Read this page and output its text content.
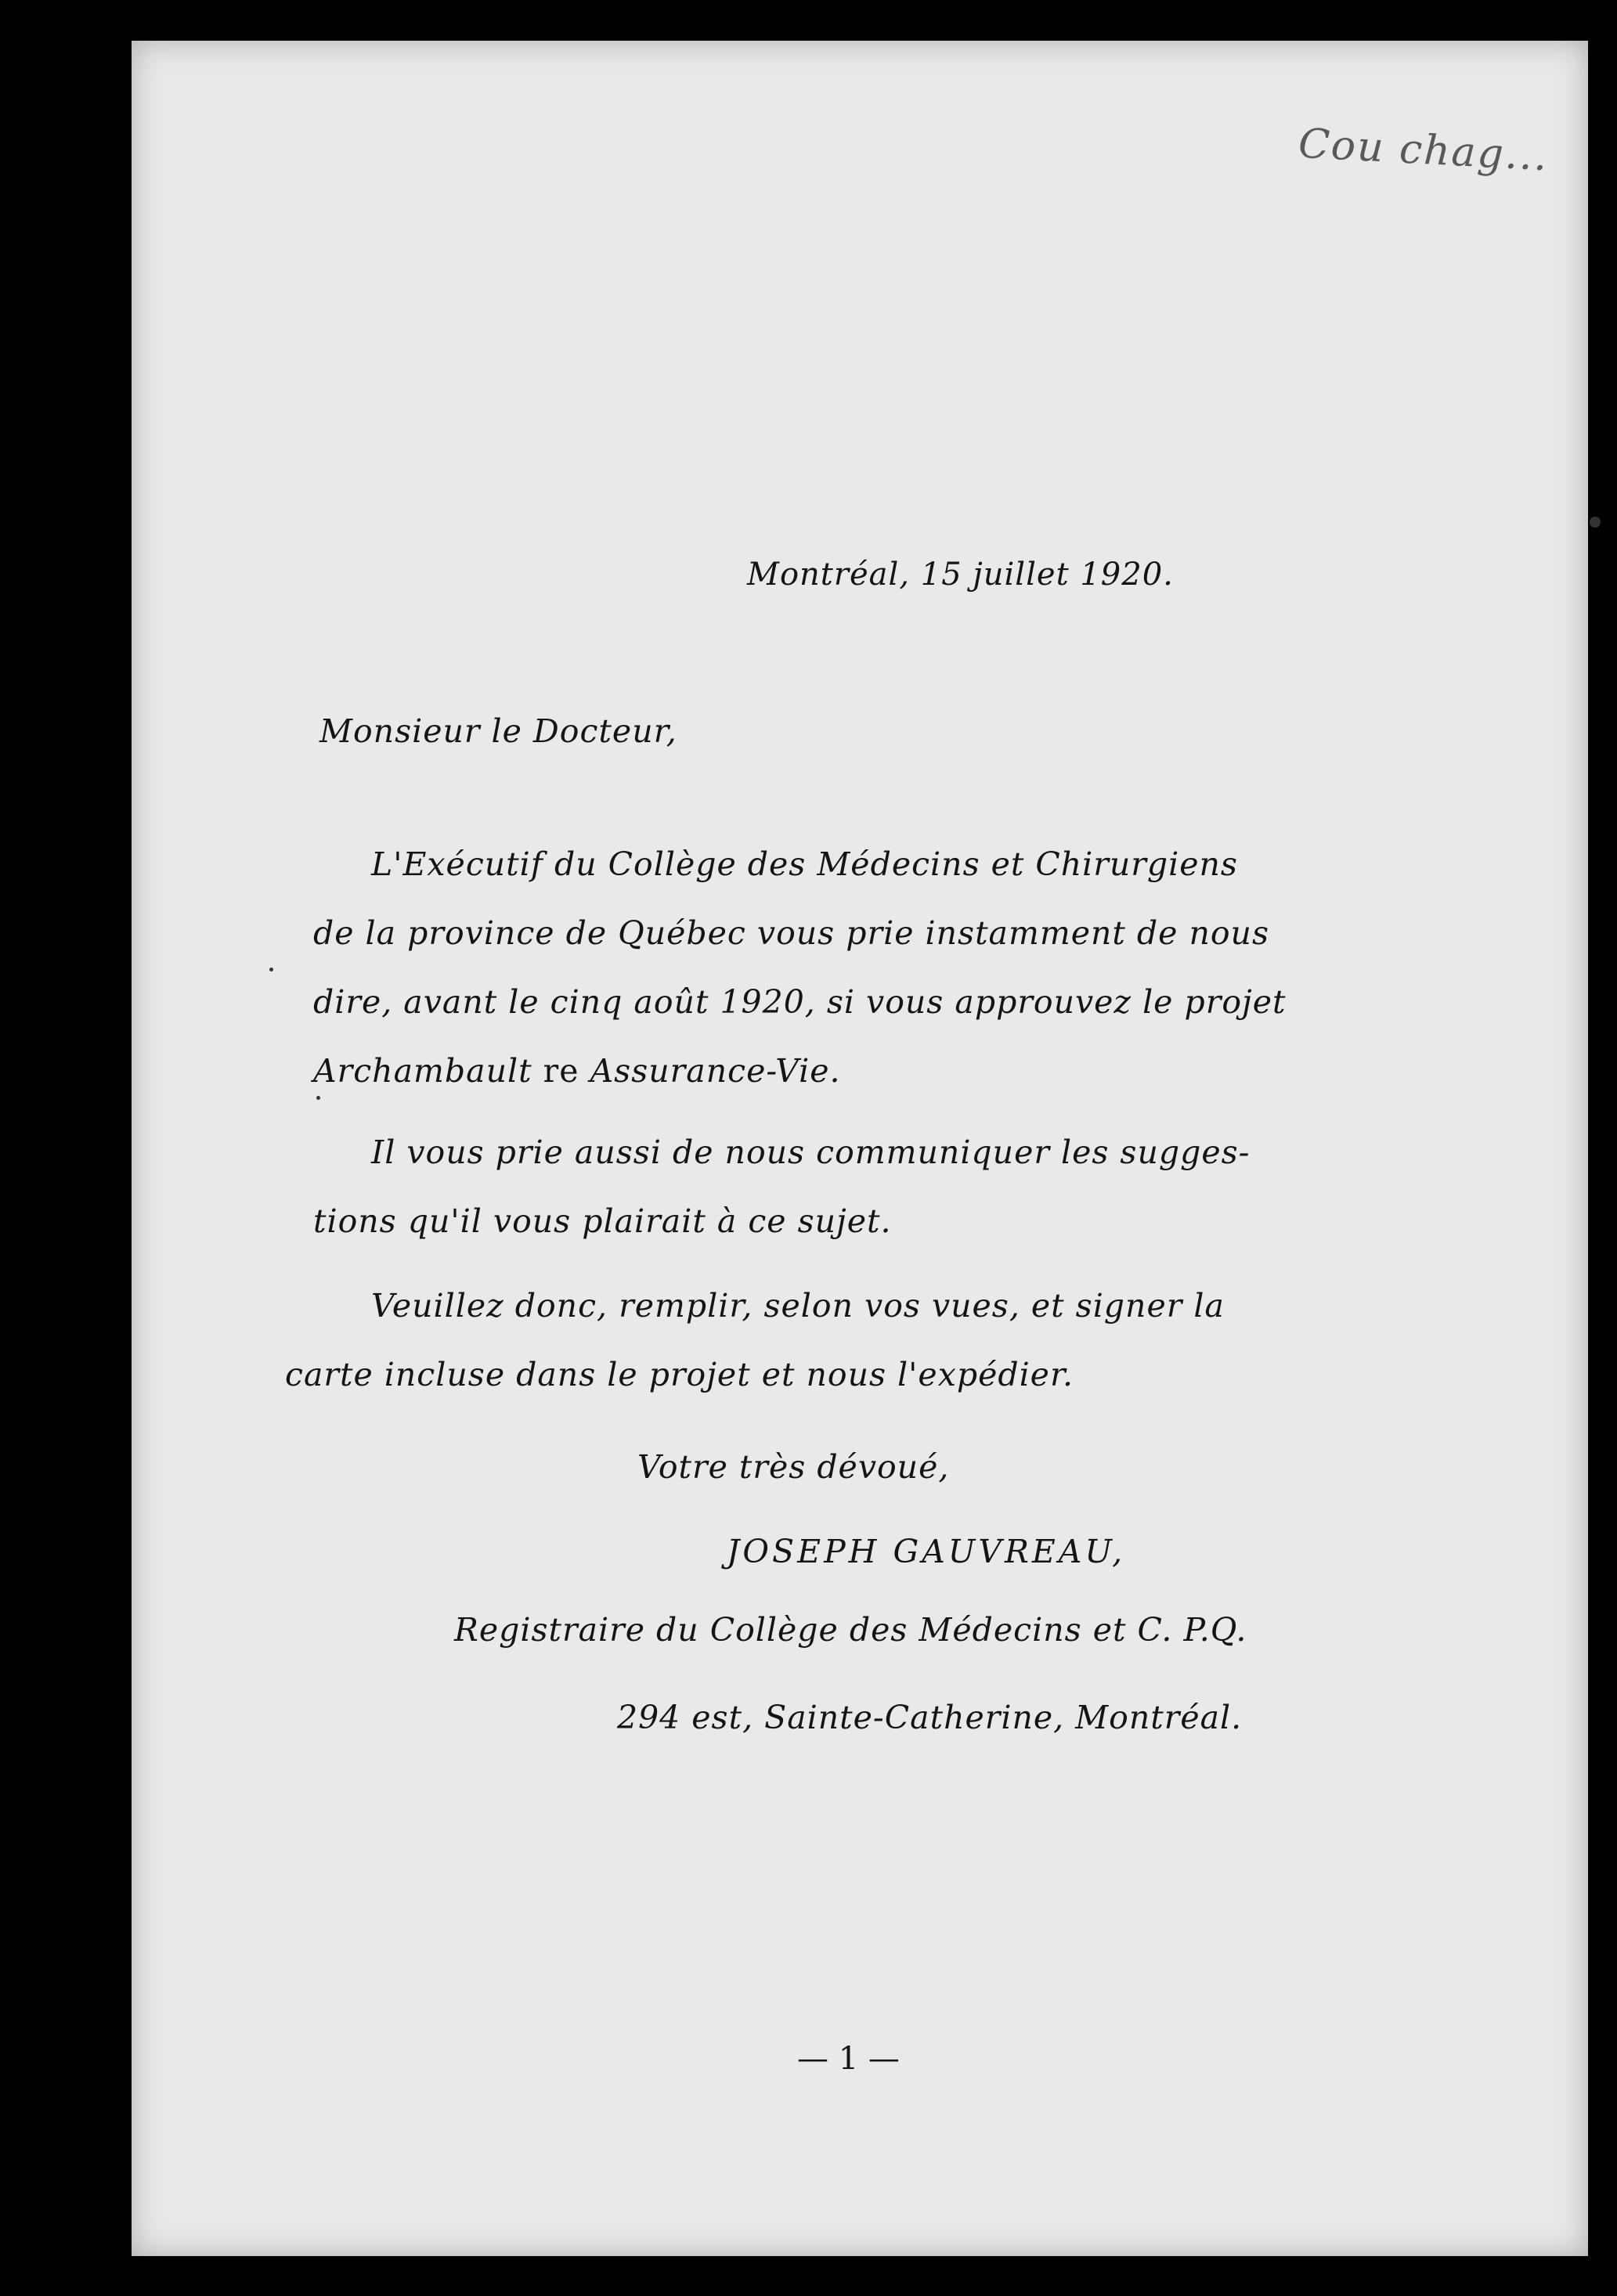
Cou chag...
Montréal, 15 juillet 1920.
Monsieur le Docteur,
L'Exécutif du Collège des Médecins et Chirurgiens
de la province de Québec vous prie instamment de nous
dire, avant le cinq août 1920, si vous approuvez le projet
Archambault re Assurance-Vie.
Il vous prie aussi de nous communiquer les sugges-
tions qu'il vous plairait à ce sujet.
Veuillez donc, remplir, selon vos vues, et signer la
carte incluse dans le projet et nous l'expédier.
Votre très dévoué,
JOSEPH GAUVREAU,
Registraire du Collège des Médecins et C. P.Q.
294 est, Sainte-Catherine, Montréal.
— 1 —
